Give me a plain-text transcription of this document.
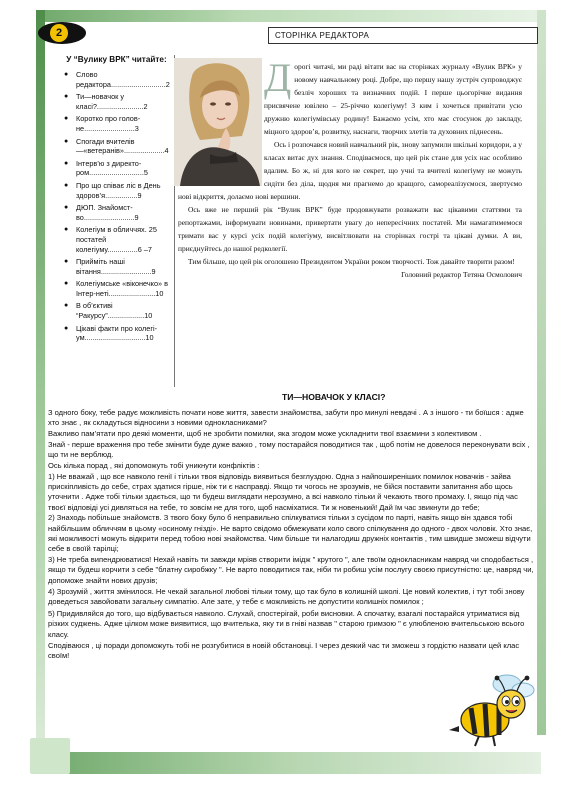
2
У “Вулику ВРК” читайте:
● Слово редактора...........................2
● Ти—новачок у класі?.......................2
● Коротко про голов-не.........................3
● Спогади вчителів—«ветеранів»....................4
● Інтерв’ю з директо-ром...........................5
● Про що співає ліс в День здоров’я................9
● ДЮП. Знайомст-во.........................9
● Колегіум в обличчях. 25 постатей колегіуму...............6 –7
● Прийміть наші вітання.........................9
● Колегіумське «віконечко» в Інтер-неті.......................10
● В об’єктиві “Ракурсу”..................10
● Цікаві факти про колегі-ум..............................10
СТОРІНКА РЕДАКТОРА
Д орогі читачі, ми раді вітати вас на сторінках журналу «Вулик ВРК» у новому навчальному році. Добре, що першу нашу зустріч супроводжує безліч хороших та визначних подій. І перше цьогорічне видання присвячене ювілею – 25-річчю колегіуму! З ким і хочеться привітати усю дружню колегіумівську родину! Бажаємо усім, хто має стосунок до закладу, міцного здоров’я, розвитку, наснаги, творчих злетів та духовних піднесень.

Ось і розпочався новий навчальний рік, знову запумили шкільні коридори, а у класах витає дух знання. Сподіваємося, що цей рік стане для усіх нас особливо вдалим. Бо ж, ні для кого не секрет, що учні та вчителі колегіуму не можуть сидіти без діла, щодня ми прагнемо до кращого, самореалізуємося, звертуємо нові відкриття, долаємо нові вершини.

Ось вже не перший рік “Вулик ВРК” буде продовжувати розважати вас цікавими статтями та репортажами, інформувати новинами, привертати увагу до непересічних постатей. Ми намагатимемося тримати вас у курсі усіх подій колегіуму, висвітлювати на сторінках гострі та цікаві думки. А ви, приєднуйтесь до нашої редколегії.

Тим більше, що цей рік оголошено Президентом України роком творчості. Тож давайте творити разом!

Головний редактор Тетяна Осмолович

ТИ—НОВАЧОК У КЛАСІ?

З одного боку, тебе радує можливість почати нове життя, завести знайомства, забути про минулі невдачі . А з іншого - ти боїшся : адже хто знає , як складуться відносини з новими однокласниками?

Важливо пам’ятати про деякі моменти, щоб не зробити помилки, яка згодом може ускладнити твої взаємини з колективом .

Знай - перше враження про тебе змінити буде дуже важко , тому постарайся поводитися так , щоб потім не довелося переконувати всіх , що ти не верблюд.

Ось кілька порад , які допоможуть тобі уникнути конфліктів :

1) Не вважай , що все навколо генії і тільки твоя відповідь виявиться безглуздою. Одна з найпоширеніших помилок новачків - зайва прискіпливість до себе, страх здатися гірше, ніж ти є насправді. Якщо ти чогось не зрозумів, не бійся поставити запитання або щось уточнити . Адже тобі тільки здається, що ти будеш виглядати нерозумно, а всі навколо тільки й чекають твого промаху. І, якщо під час твоєї відповіді усі дивляться на тебе, то зовсім не для того, щоб насміхатися. Ти ж новенький! Дай їм час звикнути до тебе;

2) Знаходь побільше знайомств. З твого боку було б неправильно спілкуватися тільки з сусідом по парті, навіть якщо він здався тобі найбільшим обличчям в цьому «осиному гнізді». Не варто свідомо обмежувати коло свого спілкування до одного - двох чоловік. Хто знає, які можливості можуть відкрити перед тобою нові знайомства. Чим більше ти налагодиш дружніх контактів , тим швидше зможеш відчути себе в своїй тарілці;

3) Не треба випендрюватися! Нехай навіть ти завжди мріяв створити імідж " крутого ", але твоїм однокласникам навряд чи сподобається , якщо ти будеш корчити з себе "блатну сиробжку ". Не варто поводитися так, ніби ти робиш усім послугу своєю присутністю: це, навряд чи, допоможе знайти нових друзів;

4) Зрозумій , життя змінилося. Не чекай загальної любові тільки тому, що так було в колишній школі. Це новий колектив, і тут тобі знову доведеться завойовати загальну симпатію. Але зате, у тебе є можливість не допустити колишніх помилок ;

5) Придивляйся до того, що відбувається навколо. Слухай, спостерігай, роби висновки. А спочатку, взагалі постарайся утриматися від різких суджень. Адже цілком може виявитися, що вчителька, яку ти в гнівi назвав " старою гримзою " є улюбленою вчительською всього класу.

Сподіваюся , ці поради допоможуть тобі не розгубитися в новій обстановці. І через деякий час ти зможеш з гордістю назвати цей клас своїм!
